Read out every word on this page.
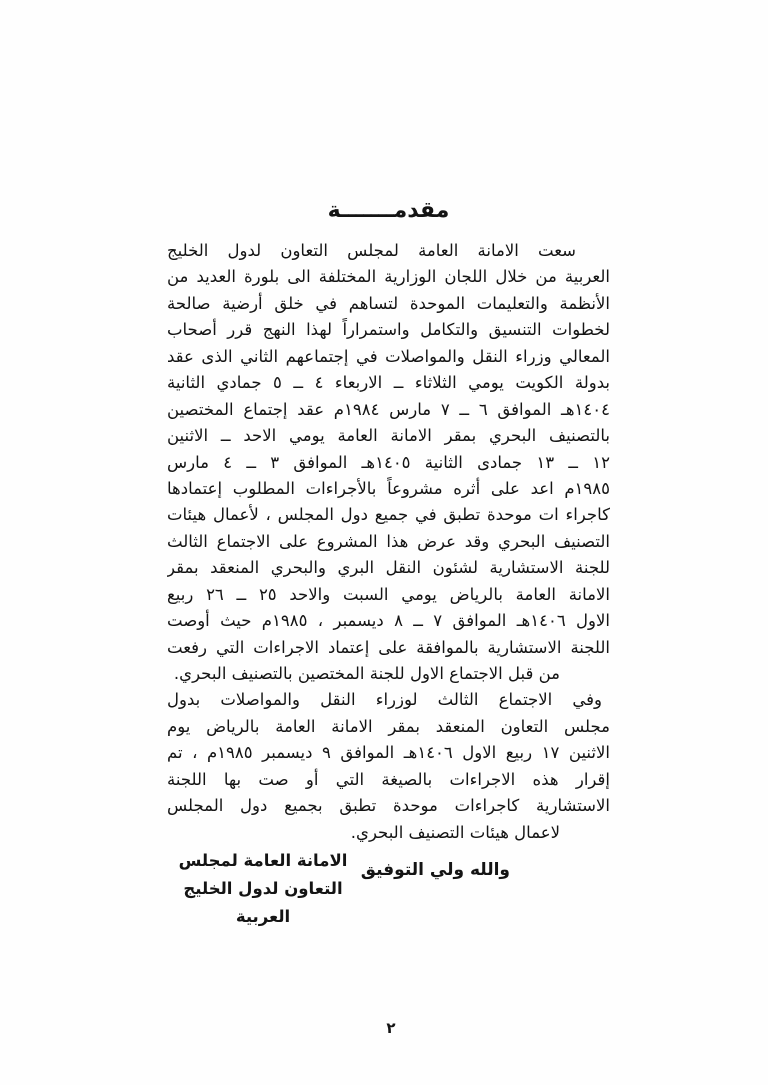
مقدمـــــــة
سعت الامانة العامة لمجلس التعاون لدول الخليج
العربية من خلال اللجان الوزارية المختلفة الى بلورة العديد من
الأنظمة والتعليمات الموحدة لتساهم في خلق أرضية صالحة
لخطوات التنسيق والتكامل واستمراراً لهذا النهج قرر أصحاب
المعالي وزراء النقل والمواصلات في إجتماعهم الثاني الذى عقد
بدولة الكويت يومي الثلاثاء ــ الاربعاء ٤ ــ ٥ جمادي الثانية
١٤٠٤هـ الموافق ٦ ــ ٧ مارس ١٩٨٤م عقد إجتماع المختصين
بالتصنيف البحري بمقر الامانة العامة يومي الاحد ــ الاثنين
١٢ ــ ١٣ جمادى الثانية ١٤٠٥هـ الموافق ٣ ــ ٤ مارس
١٩٨٥م اعد على أثره مشروعاً بالأجراءات المطلوب إعتمادها
كاجراء ات موحدة تطبق في جميع دول المجلس ، لأعمال هيئات
التصنيف البحري وقد عرض هذا المشروع على الاجتماع الثالث
للجنة الاستشارية لشئون النقل البري والبحري المنعقد بمقر
الامانة العامة بالرياض يومي السبت والاحد ٢٥ ــ ٢٦ ربيع
الاول ١٤٠٦هـ الموافق ٧ ــ ٨ ديسمبر ، ١٩٨٥م حيث أوصت
اللجنة الاستشارية بالموافقة على إعتماد الاجراءات التي رفعت
من قبل الاجتماع الاول للجنة المختصين بالتصنيف البحري.
وفي الاجتماع الثالث لوزراء النقل والمواصلات بدول
مجلس التعاون المنعقد بمقر الامانة العامة بالرياض يوم
الاثنين ١٧ ربيع الاول ١٤٠٦هـ الموافق ٩ ديسمبر ١٩٨٥م ، تم
إقرار هذه الاجراءات بالصيغة التي أو صت بها اللجنة
الاستشارية كاجراءات موحدة تطبق بجميع دول المجلس
لاعمال هيئات التصنيف البحري.
والله ولي التوفيق
الامانة العامة لمجلس
التعاون لدول الخليج العربية
٢
